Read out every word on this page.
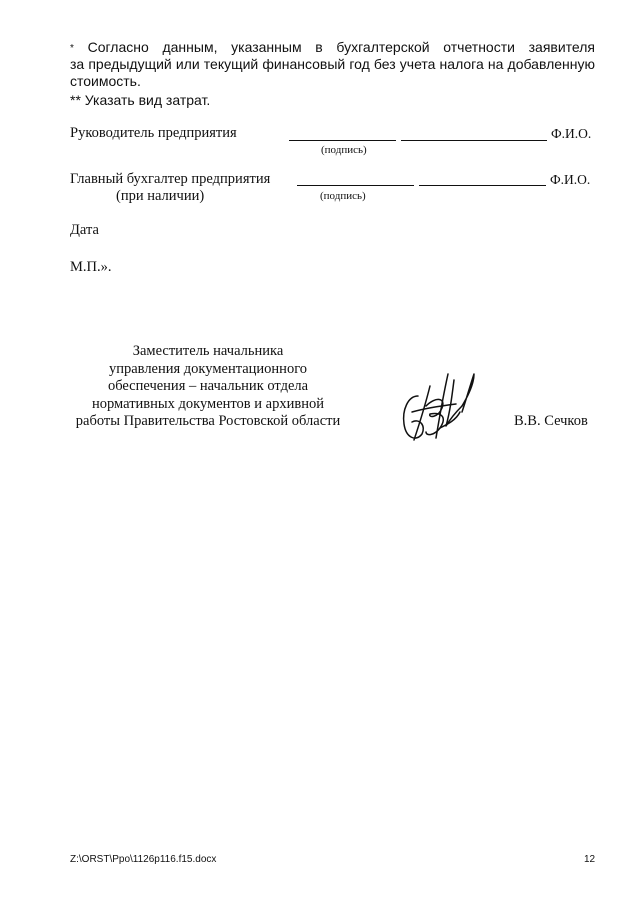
* Согласно данным, указанным в бухгалтерской отчетности заявителя
за предыдущий или текущий финансовый год без учета налога на добавленную
стоимость.
** Указать вид затрат.
Руководитель предприятия	Ф.И.О.
(подпись)
Главный бухгалтер предприятия
(при наличии)
Ф.И.О.
(подпись)
Дата
М.П.».
Заместитель начальника
управления документационного
обеспечения – начальник отдела
нормативных документов и архивной
работы Правительства Ростовской области	В.В. Сечков
Z:\ORST\Ppo\1126p116.f15.docx	12
